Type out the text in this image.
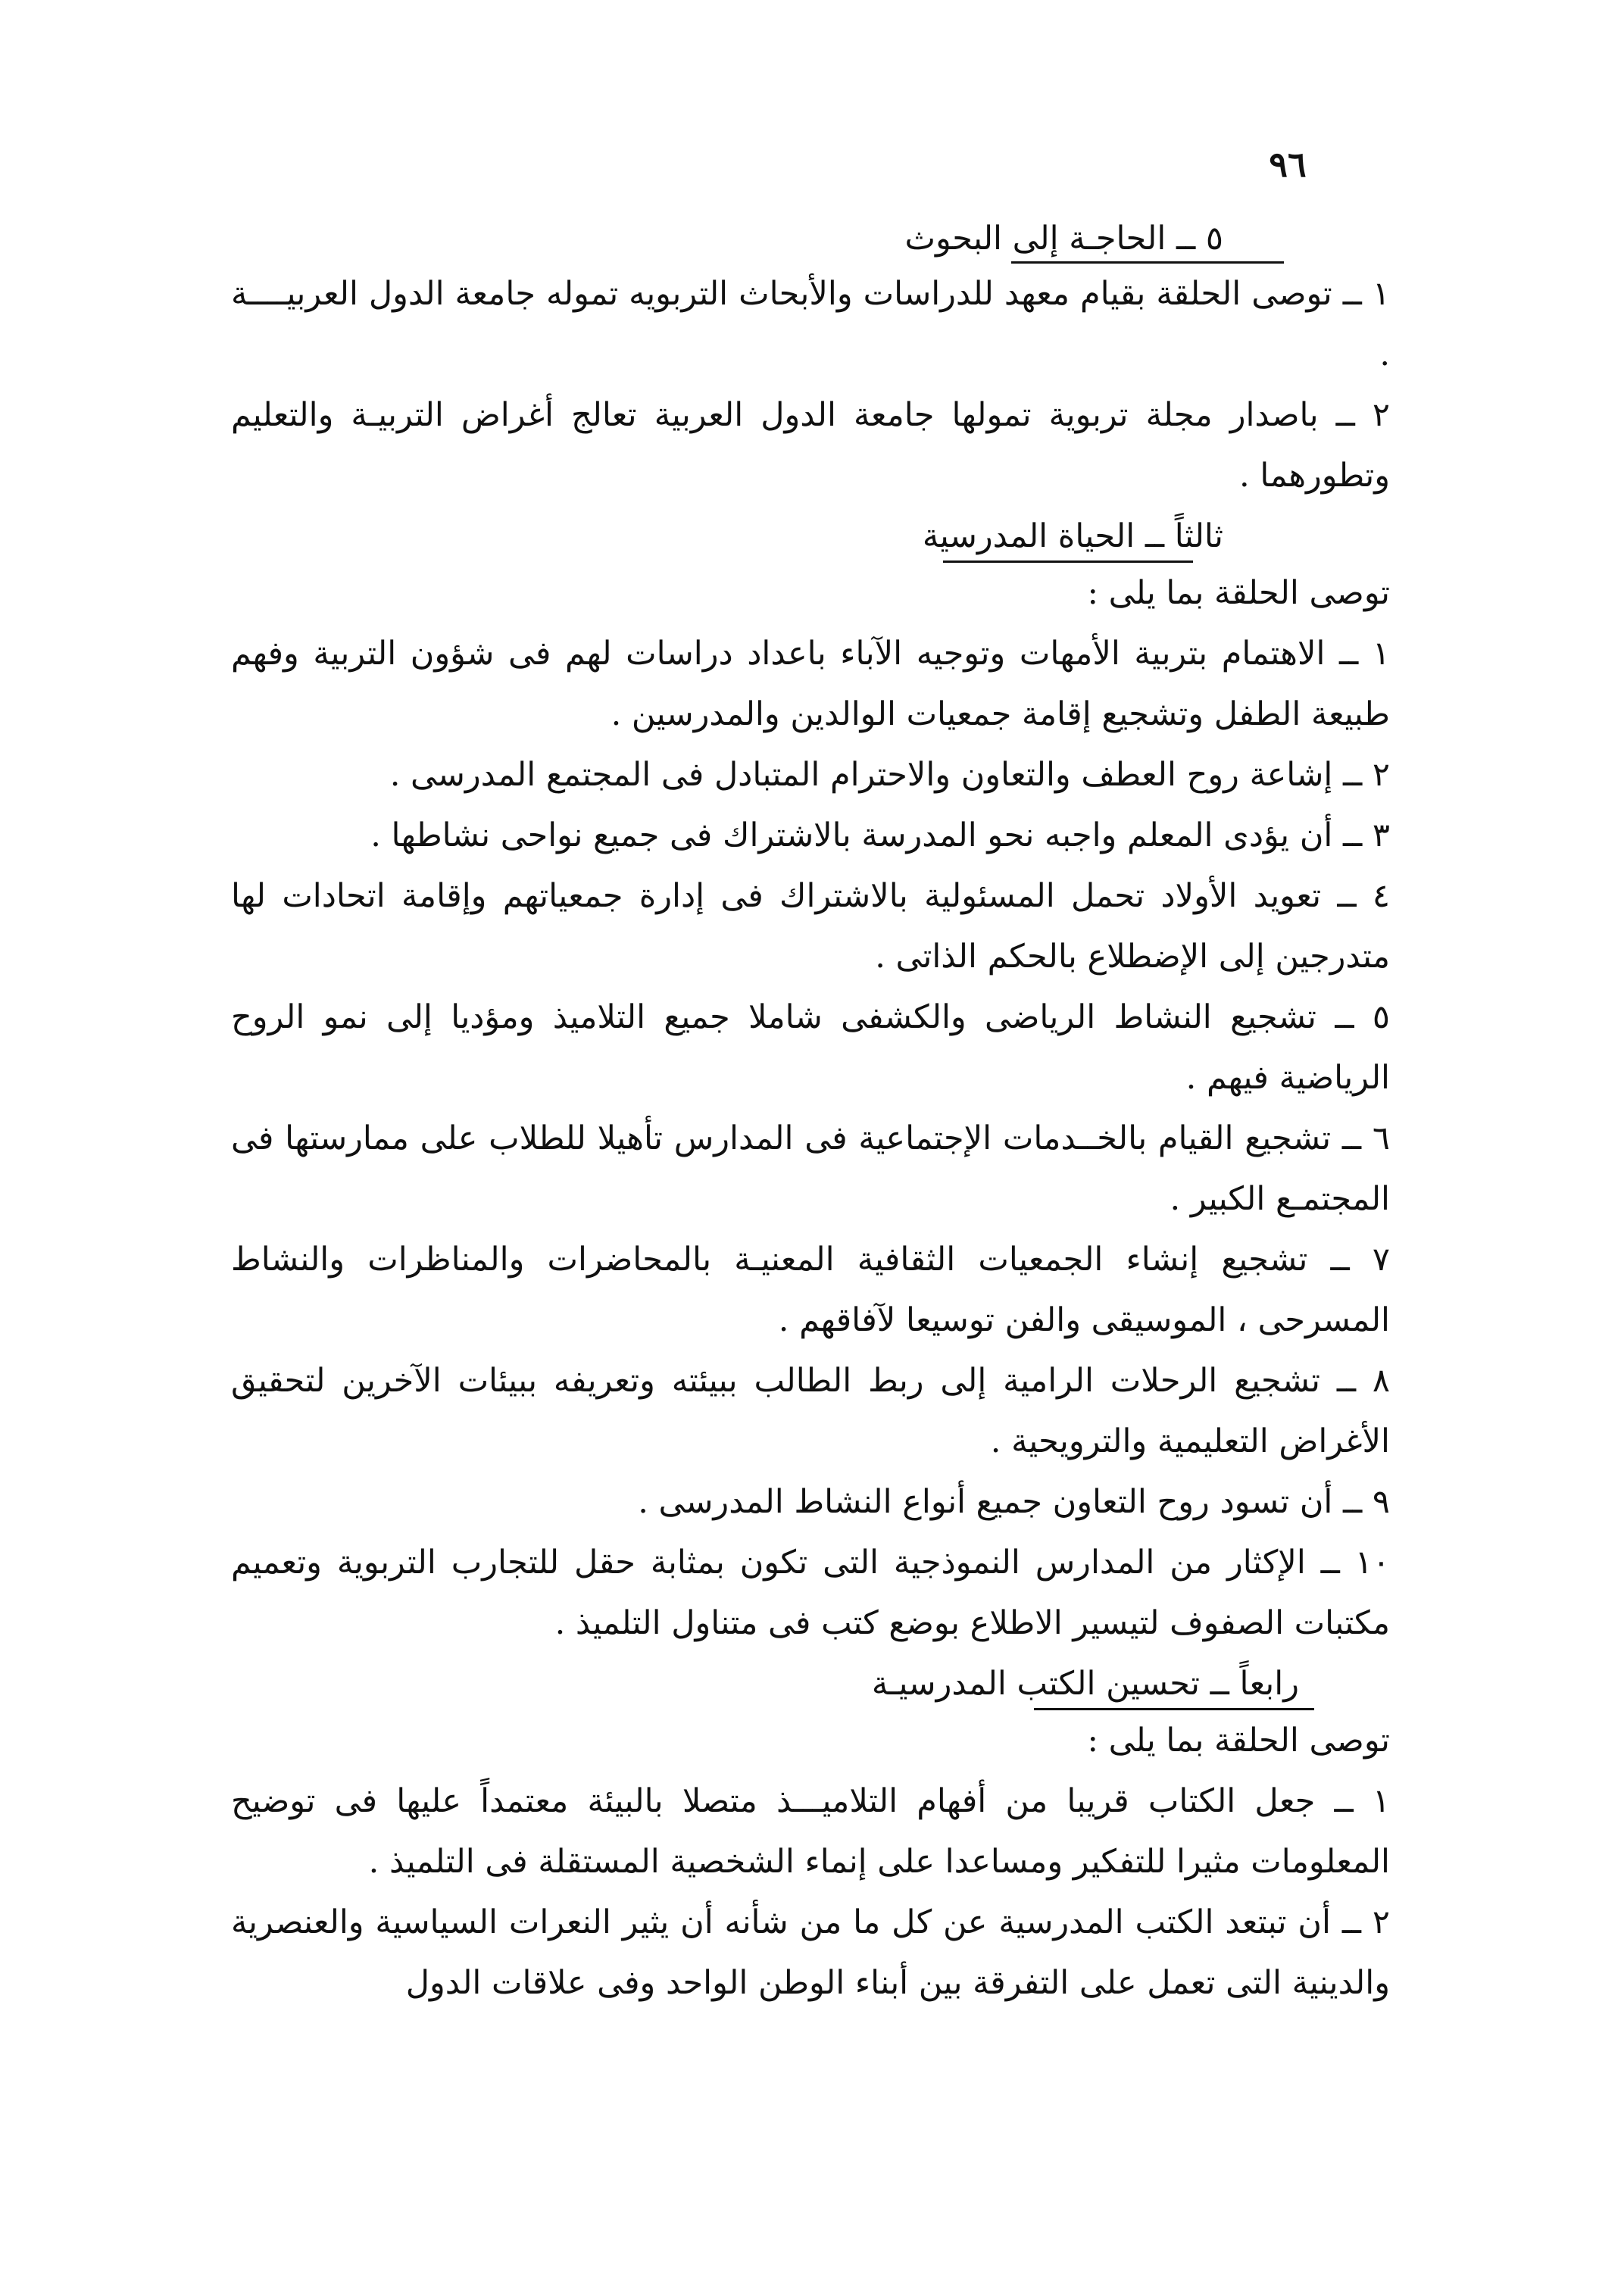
٩٦

٥ ــ الحاجـة إلى البحوث

١ ــ توصى الحلقة بقيام معهد للدراسات والأبحاث التربويه تموله جامعة الدول العربيــــة .

٢ ــ باصدار مجلة تربوية تمولها جامعة الدول العربية تعالج أغراض التربيـة والتعليم وتطورهما .

ثالثاً ــ الحياة المدرسية

توصى الحلقة بما يلى :

١ ــ الاهتمام بتربية الأمهات وتوجيه الآباء باعداد دراسات لهم فى شؤون التربية وفهم طبيعة الطفل وتشجيع إقامة جمعيات الوالدين والمدرسين .

٢ ــ إشاعة روح العطف والتعاون والاحترام المتبادل فى المجتمع المدرسى .

٣ ــ أن يؤدى المعلم واجبه نحو المدرسة بالاشتراك فى جميع نواحى نشاطها .

٤ ــ تعويد الأولاد تحمل المسئولية بالاشتراك فى إدارة جمعياتهم وإقامة اتحادات لها متدرجين إلى الإضطلاع بالحكم الذاتى .

٥ ــ تشجيع النشاط الرياضى والكشفى شاملا جميع التلاميذ ومؤديا إلى نمو الروح الرياضية فيهم .

٦ ــ تشجيع القيام بالخــدمات الإجتماعية فى المدارس تأهيلا للطلاب على ممارستها فى المجتمـع الكبير .

٧ ــ تشجيع إنشاء الجمعيات الثقافية المعنيـة بالمحاضرات والمناظرات والنشاط المسرحى ، الموسيقى والفن توسيعا لآفاقهم .

٨ ــ تشجيع الرحلات الرامية إلى ربط الطالب ببيئته وتعريفه ببيئات الآخرين لتحقيق الأغراض التعليمية والترويحية .

٩ ــ أن تسود روح التعاون جميع أنواع النشاط المدرسى .

١٠ ــ الإكثار من المدارس النموذجية التى تكون بمثابة حقل للتجارب التربوية وتعميم مكتبات الصفوف لتيسير الاطلاع بوضع كتب فى متناول التلميذ .

رابعاً ــ تحسين الكتب المدرسيـة

توصى الحلقة بما يلى :

١ ــ جعل الكتاب قريبا من أفهام التلاميـــذ متصلا بالبيئة معتمداً عليها فى توضيح المعلومات مثيرا للتفكير ومساعدا على إنماء الشخصية المستقلة فى التلميذ .

٢ ــ أن تبتعد الكتب المدرسية عن كل ما من شأنه أن يثير النعرات السياسية والعنصرية والدينية التى تعمل على التفرقة بين أبناء الوطن الواحد وفى علاقات الدول
